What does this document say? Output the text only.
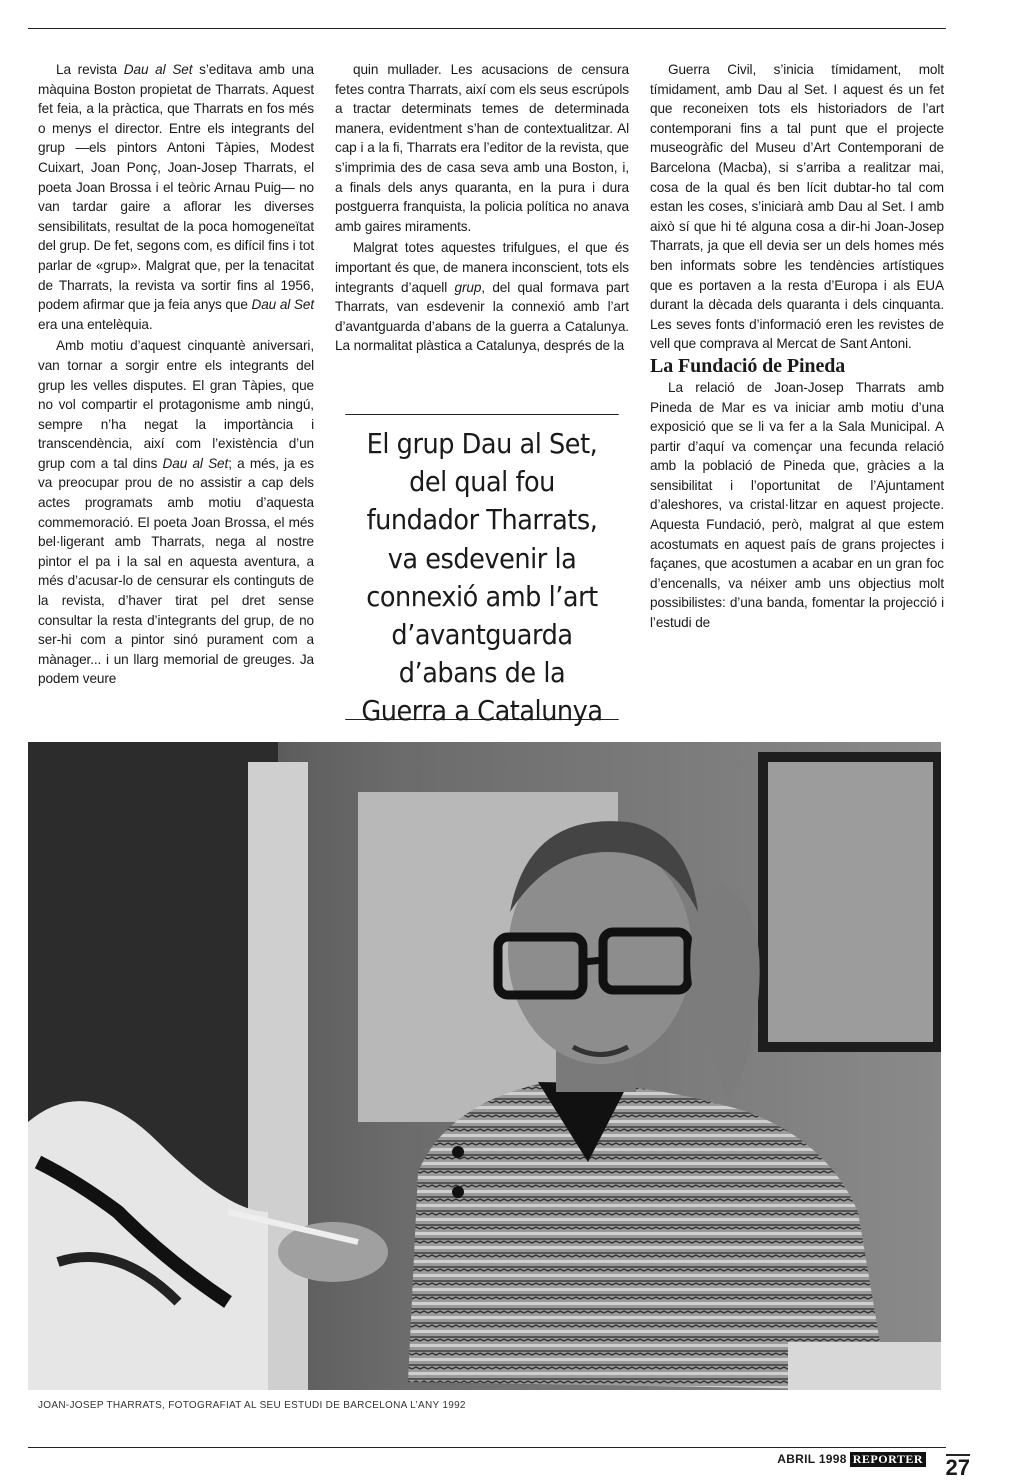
La revista Dau al Set s’editava amb una màquina Boston propietat de Tharrats. Aquest fet feia, a la pràctica, que Tharrats en fos més o menys el director. Entre els integrants del grup —els pintors Antoni Tàpies, Modest Cuixart, Joan Ponç, Joan-Josep Tharrats, el poeta Joan Brossa i el teòric Arnau Puig— no van tardar gaire a aflorar les diverses sensibilitats, resultat de la poca homogeneïtat del grup. De fet, segons com, es difícil fins i tot parlar de «grup». Malgrat que, per la tenacitat de Tharrats, la revista va sortir fins al 1956, podem afirmar que ja feia anys que Dau al Set era una entelèquia.

Amb motiu d’aquest cinquantè aniversari, van tornar a sorgir entre els integrants del grup les velles disputes. El gran Tàpies, que no vol compartir el protagonisme amb ningú, sempre n’ha negat la importància i transcendència, així com l’existència d’un grup com a tal dins Dau al Set; a més, ja es va preocupar prou de no assistir a cap dels actes programats amb motiu d’aquesta commemoració. El poeta Joan Brossa, el més bel·ligerant amb Tharrats, nega al nostre pintor el pa i la sal en aquesta aventura, a més d’acusar-lo de censurar els continguts de la revista, d’haver tirat pel dret sense consultar la resta d’integrants del grup, de no ser-hi com a pintor sinó purament com a mànager... i un llarg memorial de greuges. Ja podem veure

quin mullader. Les acusacions de censura fetes contra Tharrats, així com els seus escrúpols a tractar determinats temes de determinada manera, evidentment s’han de contextualitzar. Al cap i a la fi, Tharrats era l’editor de la revista, que s’imprimia des de casa seva amb una Boston, i, a finals dels anys quaranta, en la pura i dura postguerra franquista, la policia política no anava amb gaires miraments.

Malgrat totes aquestes trifulgues, el que és important és que, de manera inconscient, tots els integrants d’aquell grup, del qual formava part Tharrats, van esdevenir la connexió amb l’art d’avantguarda d’abans de la guerra a Catalunya. La normalitat plàstica a Catalunya, després de la

Guerra Civil, s’inicia tímidament, molt tímidament, amb Dau al Set. I aquest és un fet que reconeixen tots els historiadors de l’art contemporani fins a tal punt que el projecte museogràfic del Museu d’Art Contemporani de Barcelona (Macba), si s’arriba a realitzar mai, cosa de la qual és ben lícit dubtar-ho tal com estan les coses, s’iniciarà amb Dau al Set. I amb això sí que hi té alguna cosa a dir-hi Joan-Josep Tharrats, ja que ell devia ser un dels homes més ben informats sobre les tendències artístiques que es portaven a la resta d’Europa i als EUA durant la dècada dels quaranta i dels cinquanta. Les seves fonts d’informació eren les revistes de vell que comprava al Mercat de Sant Antoni.

La Fundació de Pineda

La relació de Joan-Josep Tharrats amb Pineda de Mar es va iniciar amb motiu d’una exposició que se li va fer a la Sala Municipal. A partir d’aquí va començar una fecunda relació amb la població de Pineda que, gràcies a la sensibilitat i l’oportunitat de l’Ajuntament d’aleshores, va cristal·litzar en aquest projecte. Aquesta Fundació, però, malgrat al que estem acostumats en aquest país de grans projectes i façanes, que acostumen a acabar en un gran foc d’encenalls, va néixer amb uns objectius molt possibilistes: d’una banda, fomentar la projecció i l’estudi de

El grup Dau al Set,
del qual fou
fundador Tharrats,
va esdevenir la
connexió amb l’art
d’avantguarda
d’abans de la
Guerra a Catalunya
JOAN-JOSEP THARRATS, FOTOGRAFIAT AL SEU ESTUDI DE BARCELONA L’ANY 1992
ABRIL 1998 REPORTER 27
